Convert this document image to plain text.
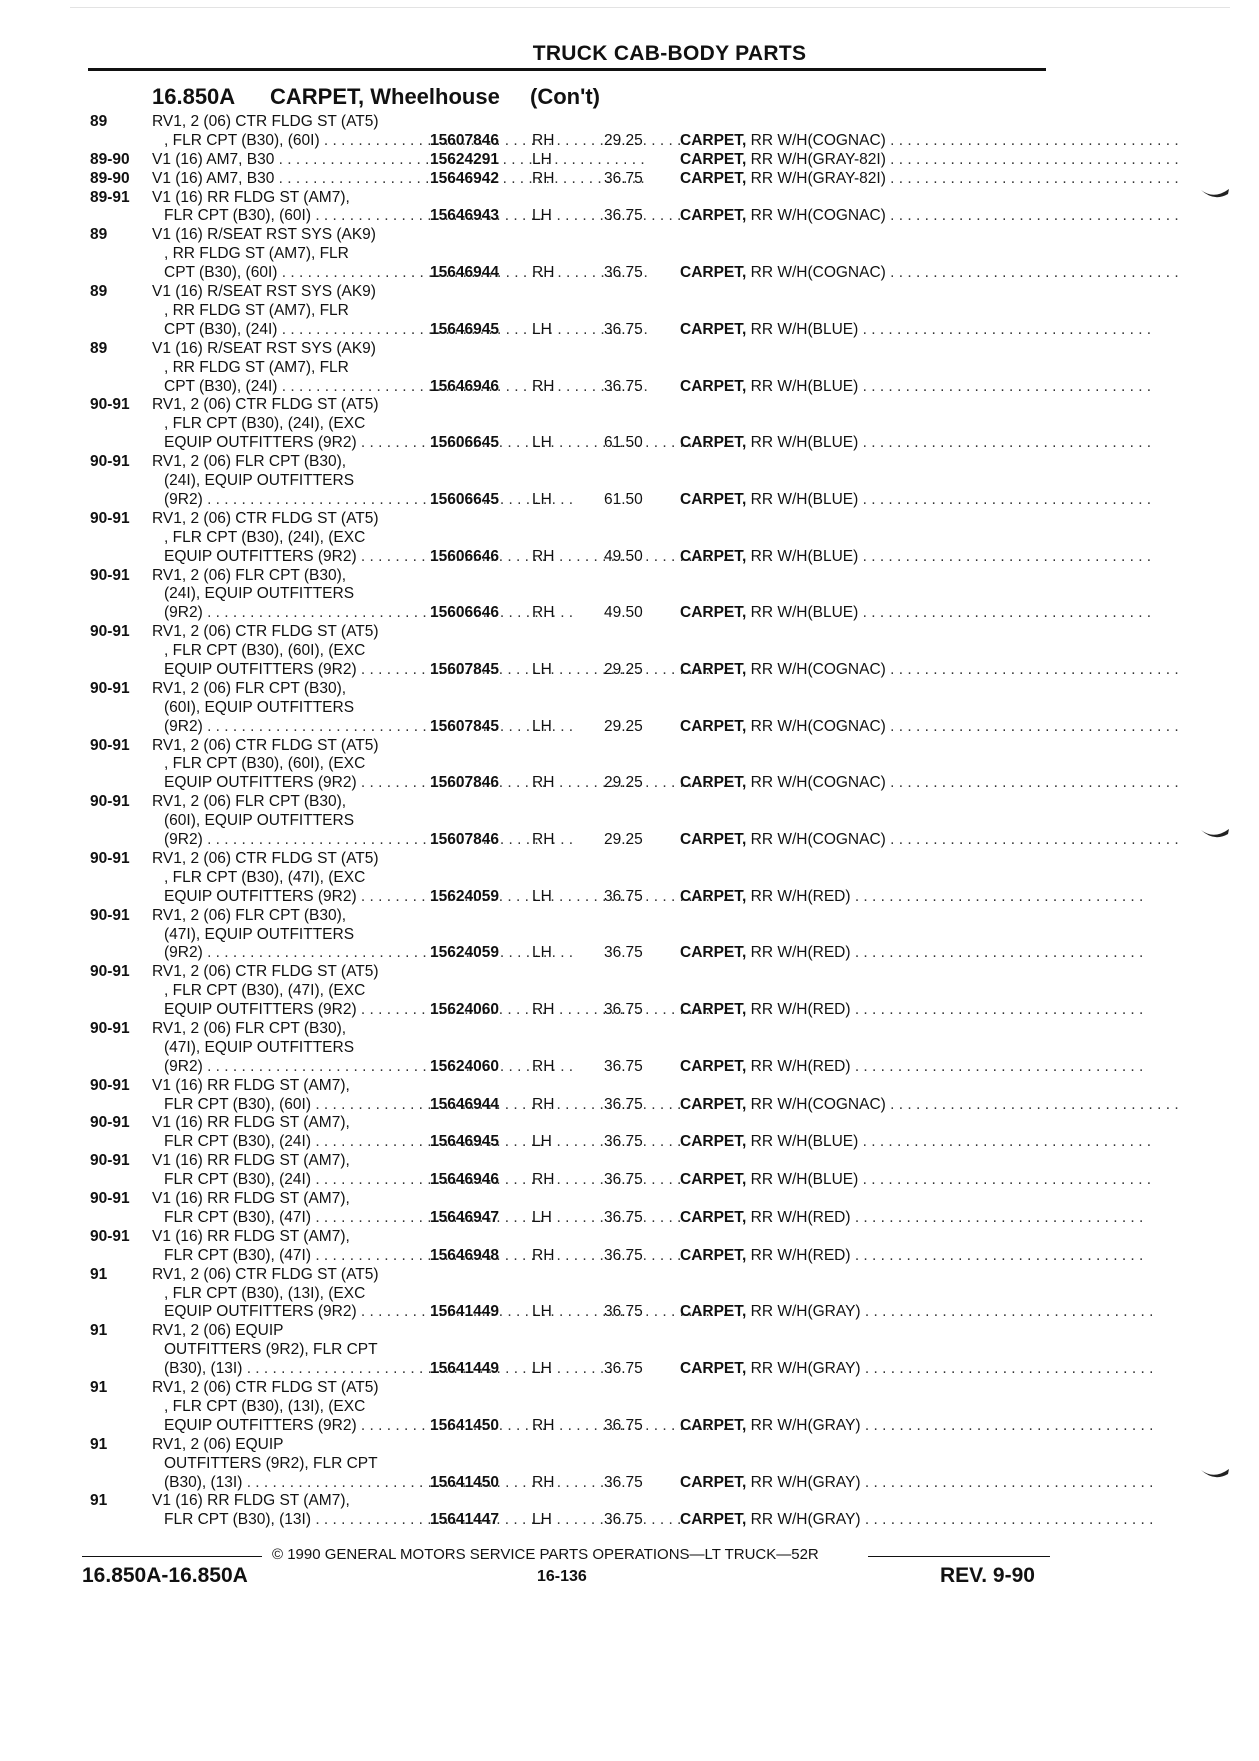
TRUCK CAB-BODY PARTS
16.850A CARPET, Wheelhouse (Con't)
89	RV1, 2 (06) CTR FLDG ST (AT5)
, FLR CPT (B30), (60I) . . .	15607846 RH	29.25 CARPET, RR W/H(COGNAC) . . . . . . . . . . . . . . . . . . . . . . . . . . . . . . . . . .
89-90 V1 (16) AM7, B30 . . .	15624291 LH	CARPET, RR W/H(GRAY-82I) . . . . . . . . . . . . . . . . . . . . . . . . . . . . . . . . . .
89-90 V1 (16) AM7, B30 . . .	15646942 RH	36.75 CARPET, RR W/H(GRAY-82I) . . . . . . . . . . . . . . . . . . . . . . . . . . . . . . . . . .
89-91 V1 (16) RR FLDG ST (AM7),
FLR CPT (B30), (60I) . . .	15646943 LH	36.75 CARPET, RR W/H(COGNAC) . . . . . . . . . . . . . . . . . . . . . . . . . . . . . . . . . .
89	V1 (16) R/SEAT RST SYS (AK9)
, RR FLDG ST (AM7), FLR
CPT (B30), (60I) . . .	15646944 RH	36.75 CARPET, RR W/H(COGNAC) . . . . . . . . . . . . . . . . . . . . . . . . . . . . . . . . . .
89	V1 (16) R/SEAT RST SYS (AK9)
, RR FLDG ST (AM7), FLR
CPT (B30), (24I) . . .	15646945 LH	36.75 CARPET, RR W/H(BLUE) . . . . . . . . . . . . . . . . . . . . . . . . . . . . . . . . . .
89	V1 (16) R/SEAT RST SYS (AK9)
, RR FLDG ST (AM7), FLR
CPT (B30), (24I) . . .	15646946 RH	36.75 CARPET, RR W/H(BLUE) . . . . . . . . . . . . . . . . . . . . . . . . . . . . . . . . . .
90-91 RV1, 2 (06) CTR FLDG ST (AT5)
, FLR CPT (B30), (24I), (EXC
EQUIP OUTFITTERS (9R2) . . .	15606645 LH	61.50 CARPET, RR W/H(BLUE) . . . . . . . . . . . . . . . . . . . . . . . . . . . . . . . . . .
90-91 RV1, 2 (06) FLR CPT (B30),
(24I), EQUIP OUTFITTERS
(9R2) . . .	15606645 LH	61.50 CARPET, RR W/H(BLUE) . . . . . . . . . . . . . . . . . . . . . . . . . . . . . . . . . .
90-91 RV1, 2 (06) CTR FLDG ST (AT5)
, FLR CPT (B30), (24I), (EXC
EQUIP OUTFITTERS (9R2) . . .	15606646 RH	49.50 CARPET, RR W/H(BLUE) . . . . . . . . . . . . . . . . . . . . . . . . . . . . . . . . . .
90-91 RV1, 2 (06) FLR CPT (B30),
(24I), EQUIP OUTFITTERS
(9R2) . . .	15606646 RH	49.50 CARPET, RR W/H(BLUE) . . . . . . . . . . . . . . . . . . . . . . . . . . . . . . . . . .
90-91 RV1, 2 (06) CTR FLDG ST (AT5)
, FLR CPT (B30), (60I), (EXC
EQUIP OUTFITTERS (9R2) . . .	15607845 LH	29.25 CARPET, RR W/H(COGNAC) . . . . . . . . . . . . . . . . . . . . . . . . . . . . . . . . . .
90-91 RV1, 2 (06) FLR CPT (B30),
(60I), EQUIP OUTFITTERS
(9R2) . . .	15607845 LH	29.25 CARPET, RR W/H(COGNAC) . . . . . . . . . . . . . . . . . . . . . . . . . . . . . . . . . .
90-91 RV1, 2 (06) CTR FLDG ST (AT5)
, FLR CPT (B30), (60I), (EXC
EQUIP OUTFITTERS (9R2) . . .	15607846 RH	29.25 CARPET, RR W/H(COGNAC) . . . . . . . . . . . . . . . . . . . . . . . . . . . . . . . . . .
90-91 RV1, 2 (06) FLR CPT (B30),
(60I), EQUIP OUTFITTERS
(9R2) . . .	15607846 RH	29.25 CARPET, RR W/H(COGNAC) . . . . . . . . . . . . . . . . . . . . . . . . . . . . . . . . . .
90-91 RV1, 2 (06) CTR FLDG ST (AT5)
, FLR CPT (B30), (47I), (EXC
EQUIP OUTFITTERS (9R2) . . .	15624059 LH	36.75 CARPET, RR W/H(RED) . . . . . . . . . . . . . . . . . . . . . . . . . . . . . . . . . .
90-91 RV1, 2 (06) FLR CPT (B30),
(47I), EQUIP OUTFITTERS
(9R2) . . .	15624059 LH	36.75 CARPET, RR W/H(RED) . . . . . . . . . . . . . . . . . . . . . . . . . . . . . . . . . .
90-91 RV1, 2 (06) CTR FLDG ST (AT5)
, FLR CPT (B30), (47I), (EXC
EQUIP OUTFITTERS (9R2) . . .	15624060 RH	36.75 CARPET, RR W/H(RED) . . . . . . . . . . . . . . . . . . . . . . . . . . . . . . . . . .
90-91 RV1, 2 (06) FLR CPT (B30),
(47I), EQUIP OUTFITTERS
(9R2) . . .	15624060 RH	36.75 CARPET, RR W/H(RED) . . . . . . . . . . . . . . . . . . . . . . . . . . . . . . . . . .
90-91 V1 (16) RR FLDG ST (AM7),
FLR CPT (B30), (60I) . . .	15646944 RH	36.75 CARPET, RR W/H(COGNAC) . . . . . . . . . . . . . . . . . . . . . . . . . . . . . . . . . .
90-91 V1 (16) RR FLDG ST (AM7),
FLR CPT (B30), (24I) . . .	15646945 LH	36.75 CARPET, RR W/H(BLUE) . . . . . . . . . . . . . . . . . . . . . . . . . . . . . . . . . .
90-91 V1 (16) RR FLDG ST (AM7),
FLR CPT (B30), (24I) . . .	15646946 RH	36.75 CARPET, RR W/H(BLUE) . . . . . . . . . . . . . . . . . . . . . . . . . . . . . . . . . .
90-91 V1 (16) RR FLDG ST (AM7),
FLR CPT (B30), (47I) . . .	15646947 LH	36.75 CARPET, RR W/H(RED) . . . . . . . . . . . . . . . . . . . . . . . . . . . . . . . . . .
90-91 V1 (16) RR FLDG ST (AM7),
FLR CPT (B30), (47I) . . .	15646948 RH	36.75 CARPET, RR W/H(RED) . . . . . . . . . . . . . . . . . . . . . . . . . . . . . . . . . .
91	RV1, 2 (06) CTR FLDG ST (AT5)
, FLR CPT (B30), (13I), (EXC
EQUIP OUTFITTERS (9R2) . . .	15641449 LH	36.75 CARPET, RR W/H(GRAY) . . . . . . . . . . . . . . . . . . . . . . . . . . . . . . . . . .
91	RV1, 2 (06) EQUIP
OUTFITTERS (9R2), FLR CPT
(B30), (13I) . . .	15641449 LH	36.75 CARPET, RR W/H(GRAY) . . . . . . . . . . . . . . . . . . . . . . . . . . . . . . . . . .
91	RV1, 2 (06) CTR FLDG ST (AT5)
, FLR CPT (B30), (13I), (EXC
EQUIP OUTFITTERS (9R2) . . .	15641450 RH	36.75 CARPET, RR W/H(GRAY) . . . . . . . . . . . . . . . . . . . . . . . . . . . . . . . . . .
91	RV1, 2 (06) EQUIP
OUTFITTERS (9R2), FLR CPT
(B30), (13I) . . .	15641450 RH	36.75 CARPET, RR W/H(GRAY) . . . . . . . . . . . . . . . . . . . . . . . . . . . . . . . . . .
91	V1 (16) RR FLDG ST (AM7),
FLR CPT (B30), (13I) . . .	15641447 LH	36.75 CARPET, RR W/H(GRAY) . . . . . . . . . . . . . . . . . . . . . . . . . . . . . . . . . .
© 1990 GENERAL MOTORS SERVICE PARTS OPERATIONS—LT TRUCK—52R
16.850A-16.850A	16-136	REV. 9-90
